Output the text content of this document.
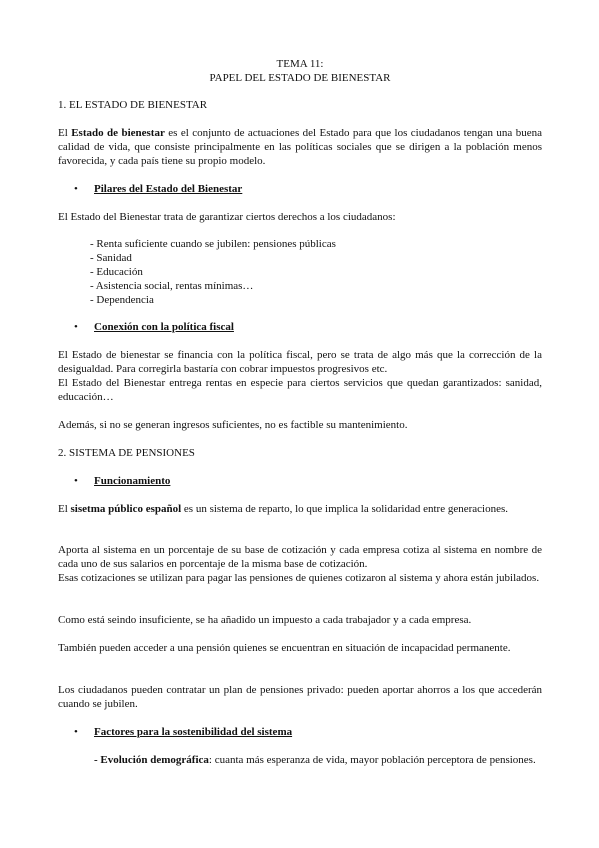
TEMA 11:
PAPEL DEL ESTADO DE BIENESTAR
1. EL ESTADO DE BIENESTAR
El Estado de bienestar es el conjunto de actuaciones del Estado para que los ciudadanos tengan una buena calidad de vida, que consiste principalmente en las políticas sociales que se dirigen a la población menos favorecida, y cada país tiene su propio modelo.
• Pilares del Estado del Bienestar
El Estado del Bienestar trata de garantizar ciertos derechos a los ciudadanos:
- Renta suficiente cuando se jubilen: pensiones públicas
- Sanidad
- Educación
- Asistencia social, rentas mínimas…
- Dependencia
• Conexión con la política fiscal
El Estado de bienestar se financia con la política fiscal, pero se trata de algo más que la corrección de la desigualdad. Para corregirla bastaría con cobrar impuestos progresivos etc.
El Estado del Bienestar entrega rentas en especie para ciertos servicios que quedan garantizados: sanidad, educación…
Además, si no se generan ingresos suficientes, no es factible su mantenimiento.
2. SISTEMA DE PENSIONES
• Funcionamiento
El sisetma público español es un sistema de reparto, lo que implica la solidaridad entre generaciones.
Aporta al sistema en un porcentaje de su base de cotización y cada empresa cotiza al sistema en nombre de cada uno de sus salarios en porcentaje de la misma base de cotización.
Esas cotizaciones se utilizan para pagar las pensiones de quienes cotizaron al sistema y ahora están jubilados.
Como está seindo insuficiente, se ha añadido un impuesto a cada trabajador y a cada empresa.
También pueden acceder a una pensión quienes se encuentran en situación de incapacidad permanente.
Los ciudadanos pueden contratar un plan de pensiones privado: pueden aportar ahorros a los que accederán cuando se jubilen.
• Factores para la sostenibilidad del sistema
- Evolución demográfica: cuanta más esperanza de vida, mayor población perceptora de pensiones.
